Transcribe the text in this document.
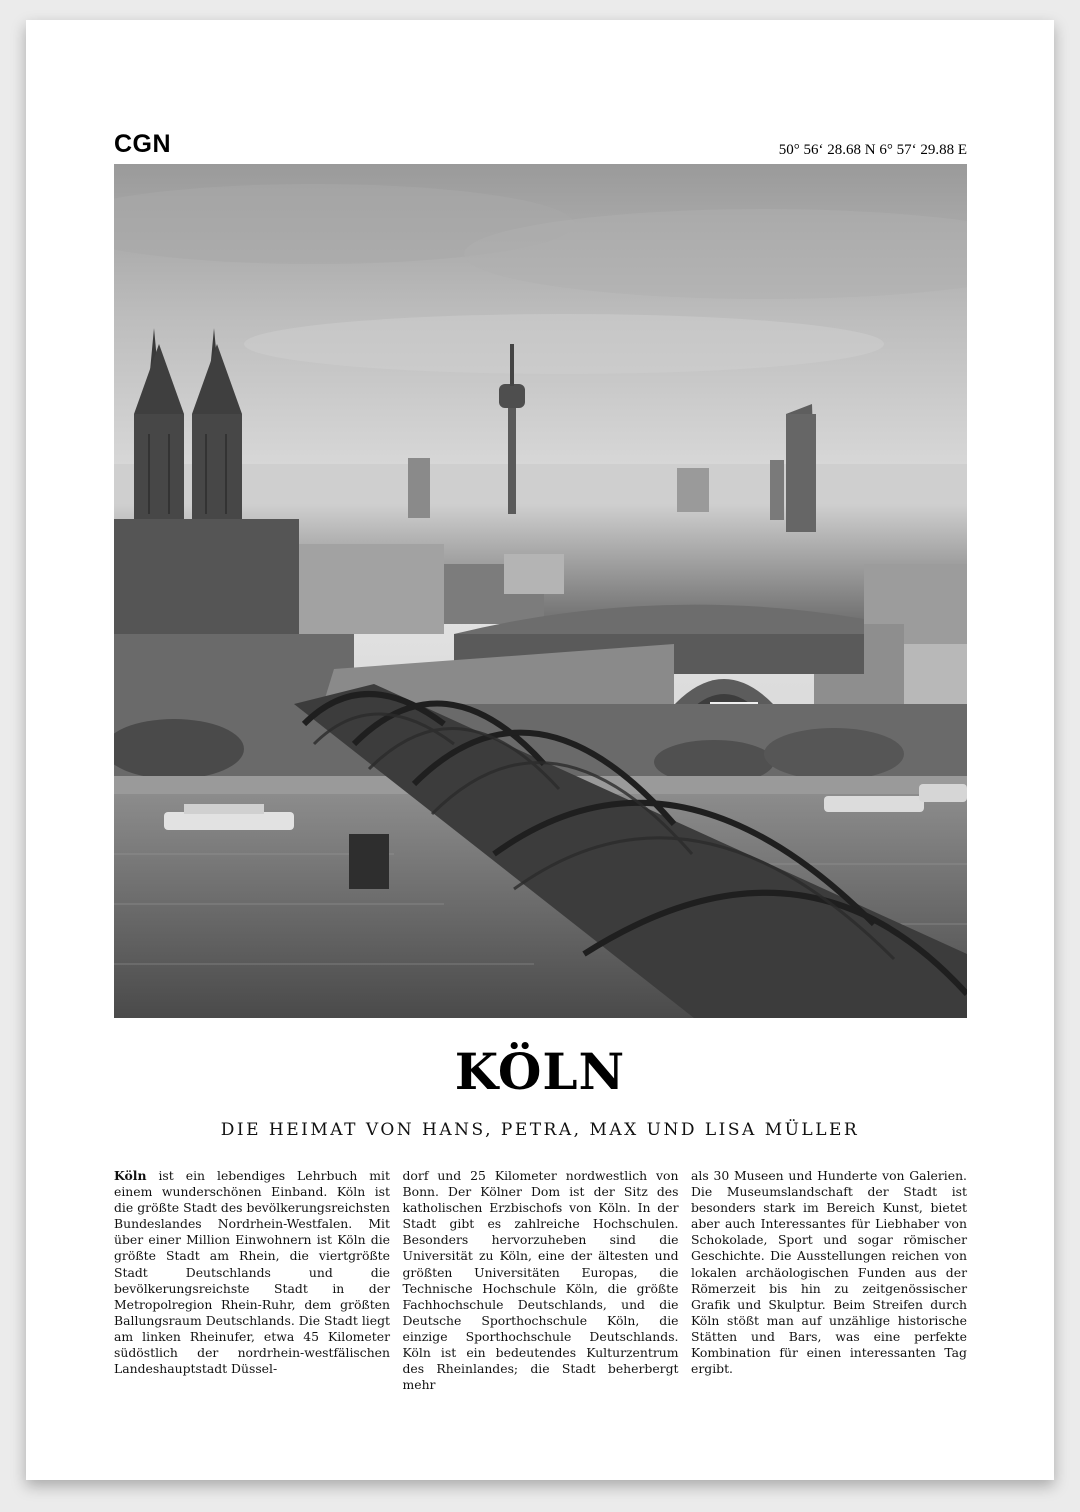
CGN	50° 56‘ 28.68 N 6° 57‘ 29.88 E
KÖLN
DIE HEIMAT VON HANS, PETRA, MAX UND LISA MÜLLER
Köln ist ein lebendiges Lehrbuch mit einem wunderschönen Einband. Köln ist die größte Stadt des bevölkerungsreichsten Bundeslandes Nordrhein-Westfalen. Mit über einer Million Einwohnern ist Köln die größte Stadt am Rhein, die viertgrößte Stadt Deutschlands und die bevölkerungsreichste Stadt in der Metropolregion Rhein-Ruhr, dem größten Ballungsraum Deutschlands. Die Stadt liegt am linken Rheinufer, etwa 45 Kilometer südöstlich der nordrhein-westfälischen Landeshauptstadt Düssel-
dorf und 25 Kilometer nordwestlich von Bonn. Der Kölner Dom ist der Sitz des katholischen Erzbischofs von Köln. In der Stadt gibt es zahlreiche Hochschulen. Besonders hervorzuheben sind die Universität zu Köln, eine der ältesten und größten Universitäten Europas, die Technische Hochschule Köln, die größte Fachhochschule Deutschlands, und die Deutsche Sporthochschule Köln, die einzige Sporthochschule Deutschlands. Köln ist ein bedeutendes Kulturzentrum des Rheinlandes; die Stadt beherbergt mehr
als 30 Museen und Hunderte von Galerien. Die Museumslandschaft der Stadt ist besonders stark im Bereich Kunst, bietet aber auch Interessantes für Liebhaber von Schokolade, Sport und sogar römischer Geschichte. Die Ausstellungen reichen von lokalen archäologischen Funden aus der Römerzeit bis hin zu zeitgenössischer Grafik und Skulptur. Beim Streifen durch Köln stößt man auf unzählige historische Stätten und Bars, was eine perfekte Kombination für einen interessanten Tag ergibt.
